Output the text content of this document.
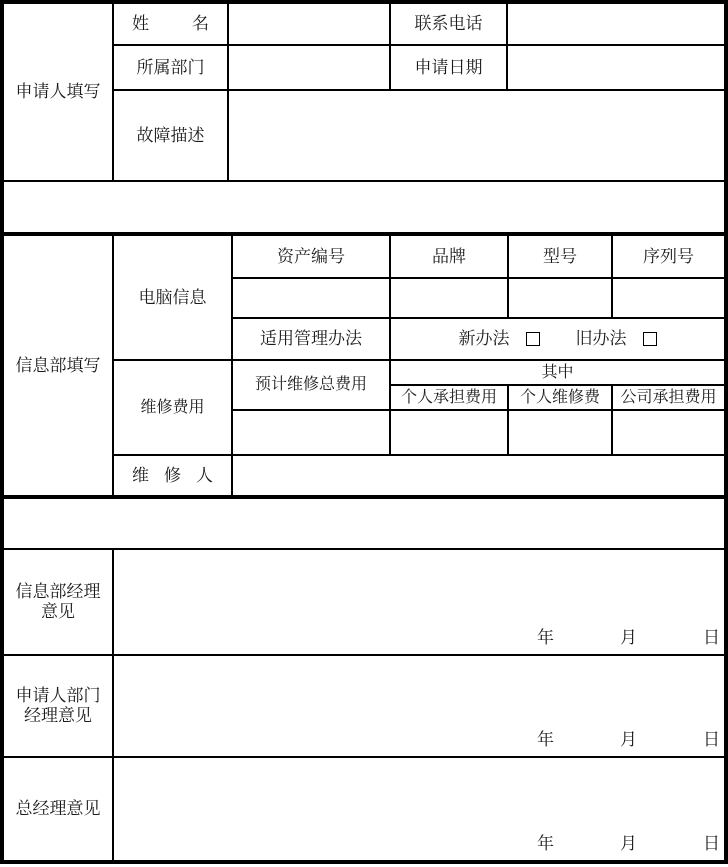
申请人填写	姓 名		联系电话	
	所属部门		申请日期	
	故障描述			
信息部填写	电脑信息	资产编号	品牌	型号	序列号

		适用管理办法	新办法 旧办法		

	维修费用	预计维修总费用	其中		
			个人承担费用	个人维修费	公司承担费用

	维 修 人				

信息部经理
意见

年	月	日

申请人部门
经理意见

年	月	日

总经理意见	年 月 日
